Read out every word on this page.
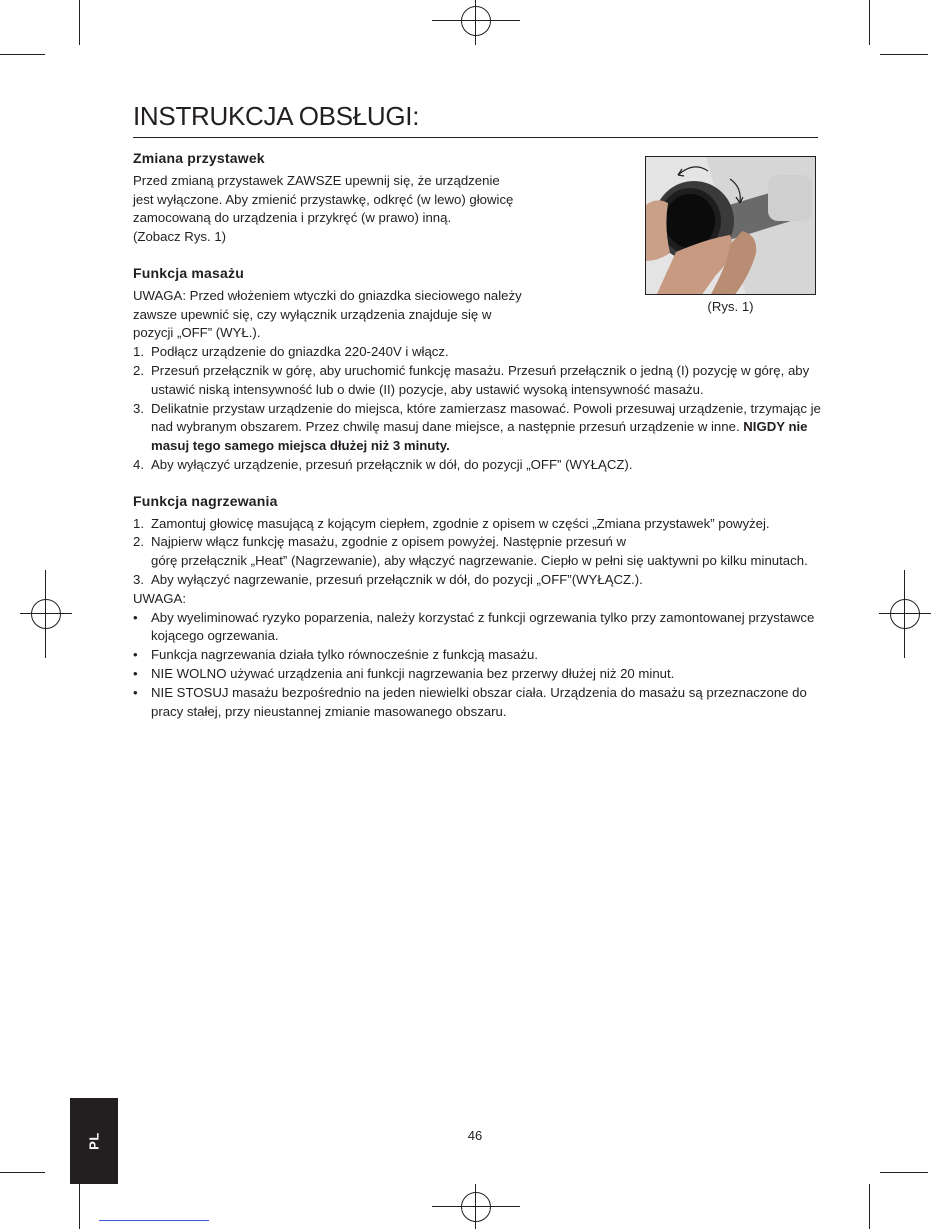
INSTRUKCJA OBSŁUGI:
(Rys. 1)
Zmiana przystawek

Przed zmianą przystawek ZAWSZE upewnij się, że urządzenie

jest wyłączone. Aby zmienić przystawkę, odkręć (w lewo) głowicę

zamocowaną do urządzenia i przykręć (w prawo) inną.

(Zobacz Rys. 1)

Funkcja masażu

UWAGA: Przed włożeniem wtyczki do gniazdka sieciowego należy

zawsze upewnić się, czy wyłącznik urządzenia znajduje się w

pozycji „OFF” (WYŁ.).

1. Podłącz urządzenie do gniazdka 220-240V i włącz.
2. Przesuń przełącznik w górę, aby uruchomić funkcję masażu. Przesuń przełącznik o jedną (I) pozycję w górę, aby ustawić niską intensywność lub o dwie (II) pozycje, aby ustawić wysoką intensywność masażu.
3. Delikatnie przystaw urządzenie do miejsca, które zamierzasz masować. Powoli przesuwaj urządzenie, trzymając je nad wybranym obszarem. Przez chwilę masuj dane miejsce, a następnie przesuń urządzenie w inne. NIGDY nie masuj tego samego miejsca dłużej niż 3 minuty.
4. Aby wyłączyć urządzenie, przesuń przełącznik w dół, do pozycji „OFF” (WYŁĄCZ).
Funkcja nagrzewania
1. Zamontuj głowicę masującą z kojącym ciepłem, zgodnie z opisem w części „Zmiana przystawek” powyżej.
2. Najpierw włącz funkcję masażu, zgodnie z opisem powyżej. Następnie przesuń w
górę przełącznik „Heat” (Nagrzewanie), aby włączyć nagrzewanie. Ciepło w pełni się uaktywni po kilku minutach.
3. Aby wyłączyć nagrzewanie, przesuń przełącznik w dół, do pozycji „OFF”(WYŁĄCZ.).

UWAGA:

• Aby wyeliminować ryzyko poparzenia, należy korzystać z funkcji ogrzewania tylko przy zamontowanej przystawce kojącego ogrzewania.
• Funkcja nagrzewania działa tylko równocześnie z funkcją masażu.
• NIE WOLNO używać urządzenia ani funkcji nagrzewania bez przerwy dłużej niż 20 minut.
• NIE STOSUJ masażu bezpośrednio na jeden niewielki obszar ciała. Urządzenia do masażu są przeznaczone do pracy stałej, przy nieustannej zmianie masowanego obszaru.
PL	46
